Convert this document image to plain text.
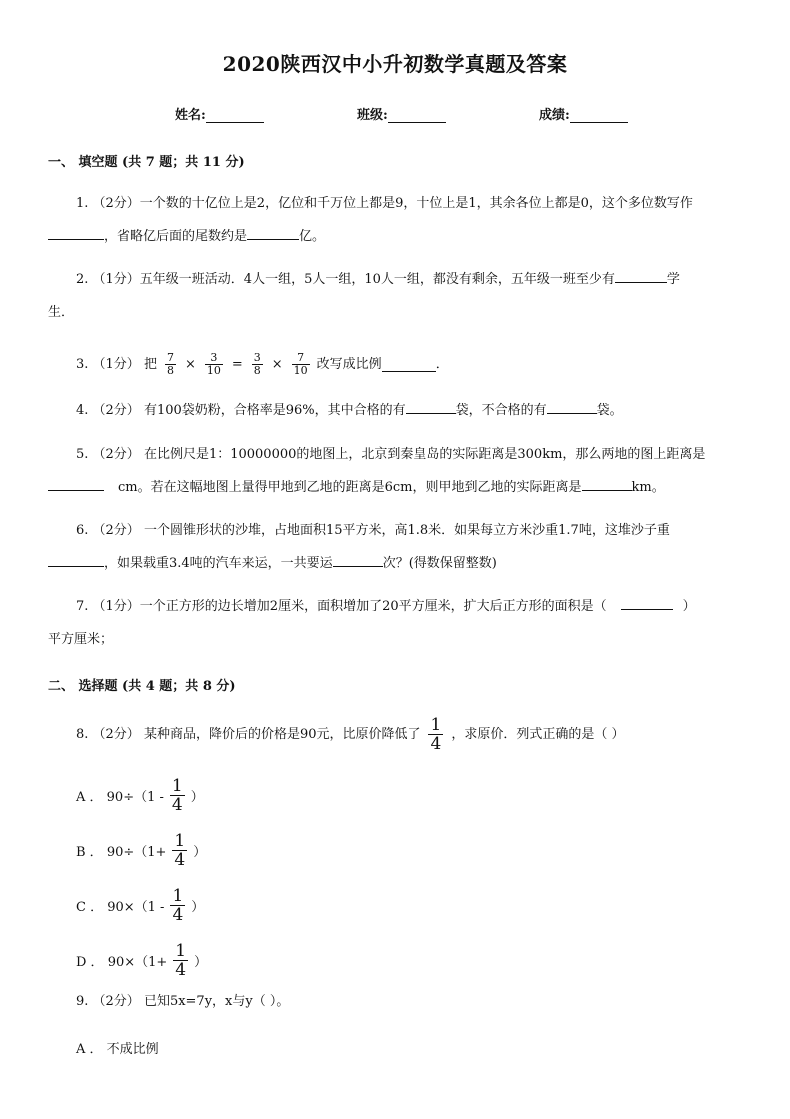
2020陕西汉中小升初数学真题及答案
姓名:	班级:	成绩:
一、 填空题 (共 7 题；共 11 分)
1. （2分）一个数的十亿位上是2，亿位和千万位上都是9，十位上是1，其余各位上都是0，这个多位数写作
，省略亿后面的尾数约是	亿。
2. （1分）五年级一班活动．4人一组，5人一组，10人一组，都没有剩余，五年级一班至少有	学
生．
3. （1分） 把 $\frac{7}{8} \times \frac{3}{10} = \frac{3}{8} \times \frac{7}{10}$ 改写成比例	．
4. （2分） 有100袋奶粉，合格率是96%，其中合格的有	袋，不合格的有	袋。
5. （2分） 在比例尺是1：10000000的地图上，北京到秦皇岛的实际距离是300km，那么两地的图上距离是
cm。若在这幅地图上量得甲地到乙地的距离是6cm，则甲地到乙地的实际距离是	km。
6. （2分） 一个圆锥形状的沙堆，占地面积15平方米，高1.8米．如果每立方米沙重1.7吨，这堆沙子重
，如果载重3.4吨的汽车来运，一共要运	次？(得数保留整数)
7. （1分）一个正方形的边长增加2厘米，面积增加了20平方厘米，扩大后正方形的面积是（	）
平方厘米；
二、 选择题 (共 4 题；共 8 分)
8. （2分） 某种商品，降价后的价格是90元，比原价降低了 $\frac{1}{4}$ ，求原价．列式正确的是（ ）
A ． $90\div(1 - \frac{1}{4}$ ）
B ． $90\div(1+ \frac{1}{4}$ ）
C ． $90\times(1 - \frac{1}{4}$ ）
D ． $90\times(1+ \frac{1}{4}$ ）
9. （2分） 已知5x=7y，x与y（ ）。
A ． 不成比例
